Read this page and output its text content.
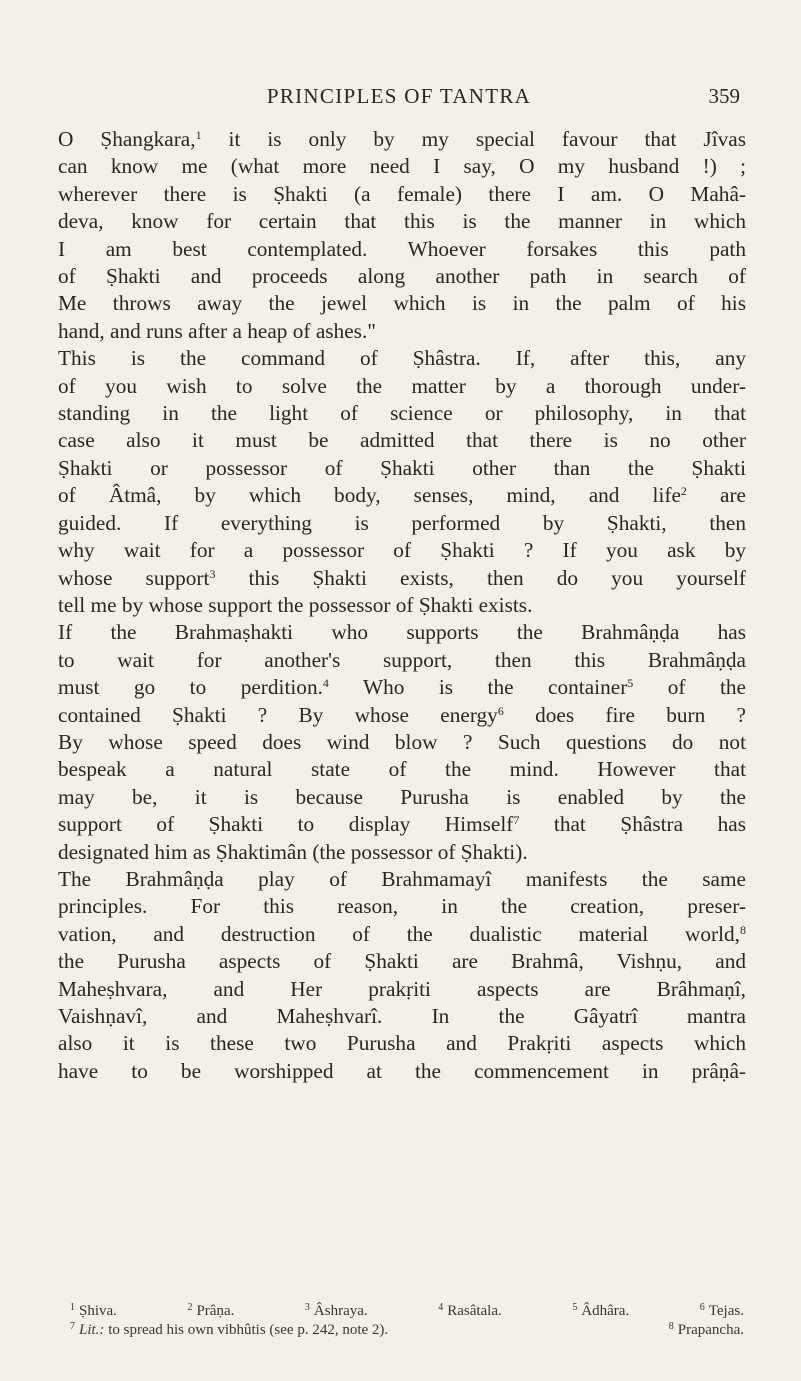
PRINCIPLES OF TANTRA	359

O Ṣhangkara,$^1$ it is only by my special favour that Jîvas
can know me (what more need I say, O my husband !) ;
wherever there is Ṣhakti (a female) there I am. O Mahâ-
deva, know for certain that this is the manner in which
I am best contemplated. Whoever forsakes this path
of Ṣhakti and proceeds along another path in search of
Me throws away the jewel which is in the palm of his
hand, and runs after a heap of ashes."
This is the command of Ṣhâstra. If, after this, any
of you wish to solve the matter by a thorough under-
standing in the light of science or philosophy, in that
case also it must be admitted that there is no other
Ṣhakti or possessor of Ṣhakti other than the Ṣhakti
of Âtmâ, by which body, senses, mind, and life$^2$ are
guided. If everything is performed by Ṣhakti, then
why wait for a possessor of Ṣhakti ? If you ask by
whose support$^3$ this Ṣhakti exists, then do you yourself
tell me by whose support the possessor of Ṣhakti exists.
If the Brahmaṣhakti who supports the Brahmâṇḍa has
to wait for another's support, then this Brahmâṇḍa
must go to perdition.$^4$ Who is the container$^5$ of the
contained Ṣhakti ? By whose energy$^6$ does fire burn ?
By whose speed does wind blow ? Such questions do not
bespeak a natural state of the mind. However that
may be, it is because Purusha is enabled by the
support of Ṣhakti to display Himself$^7$ that Ṣhâstra has
designated him as Ṣhaktimân (the possessor of Ṣhakti).
The Brahmâṇḍa play of Brahmamayî manifests the same
principles. For this reason, in the creation, preser-
vation, and destruction of the dualistic material world,$^8$
the Purusha aspects of Ṣhakti are Brahmâ, Vishṇu, and
Maheṣhvara, and Her prakṛiti aspects are Brâhmaṇî,
Vaishṇavî, and Maheṣhvarî. In the Gâyatrî mantra
also it is these two Purusha and Prakṛiti aspects which
have to be worshipped at the commencement in prâṇâ-

$^1$ Ṣhiva.	$^2$ Prâṇa.	$^3$ Âshraya.	$^4$ Rasâtala.	$^5$ Âdhâra.	$^6$ Tejas.
$^7$ Lit.: to spread his own vibhûtis (see p. 242, note 2).	$^8$ Prapancha.
